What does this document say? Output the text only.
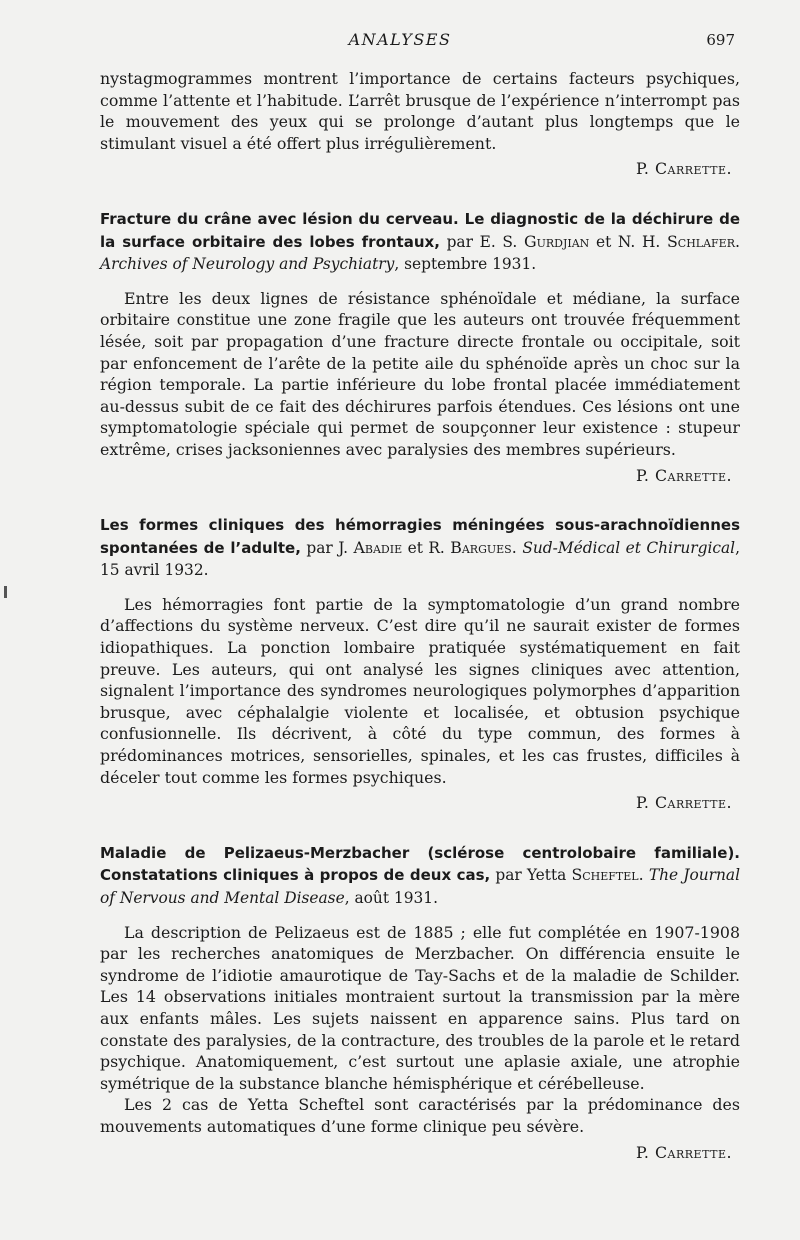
ANALYSES	697

nystagmogrammes montrent l’importance de certains facteurs psychiques, comme l’attente et l’habitude. L’arrêt brusque de l’expérience n’interrompt pas le mouvement des yeux qui se prolonge d’autant plus longtemps que le stimulant visuel a été offert plus irrégulièrement.

P. Carrette.

Fracture du crâne avec lésion du cerveau. Le diagnostic de la déchirure de la surface orbitaire des lobes frontaux, par E. S. Gurdjian et N. H. Schlafer. Archives of Neurology and Psychiatry, septembre 1931.

Entre les deux lignes de résistance sphénoïdale et médiane, la surface orbitaire constitue une zone fragile que les auteurs ont trouvée fréquemment lésée, soit par propagation d’une fracture directe frontale ou occipitale, soit par enfoncement de l’arête de la petite aile du sphénoïde après un choc sur la région temporale. La partie inférieure du lobe frontal placée immédiatement au-dessus subit de ce fait des déchirures parfois étendues. Ces lésions ont une symptomatologie spéciale qui permet de soupçonner leur existence : stupeur extrême, crises jacksoniennes avec paralysies des membres supérieurs.

P. Carrette.

Les formes cliniques des hémorragies méningées sous-arachnoïdiennes spontanées de l’adulte, par J. Abadie et R. Bargues. Sud-Médical et Chirurgical, 15 avril 1932.

Les hémorragies font partie de la symptomatologie d’un grand nombre d’affections du système nerveux. C’est dire qu’il ne saurait exister de formes idiopathiques. La ponction lombaire pratiquée systématiquement en fait preuve. Les auteurs, qui ont analysé les signes cliniques avec attention, signalent l’importance des syndromes neurologiques polymorphes d’apparition brusque, avec céphalalgie violente et localisée, et obtusion psychique confusionnelle. Ils décrivent, à côté du type commun, des formes à prédominances motrices, sensorielles, spinales, et les cas frustes, difficiles à déceler tout comme les formes psychiques.

P. Carrette.

Maladie de Pelizaeus-Merzbacher (sclérose centrolobaire familiale). Constatations cliniques à propos de deux cas, par Yetta Scheftel. The Journal of Nervous and Mental Disease, août 1931.

La description de Pelizaeus est de 1885 ; elle fut complétée en 1907-1908 par les recherches anatomiques de Merzbacher. On différencia ensuite le syndrome de l’idiotie amaurotique de Tay-Sachs et de la maladie de Schilder. Les 14 observations initiales montraient surtout la transmission par la mère aux enfants mâles. Les sujets naissent en apparence sains. Plus tard on constate des paralysies, de la contracture, des troubles de la parole et le retard psychique. Anatomiquement, c’est surtout une aplasie axiale, une atrophie symétrique de la substance blanche hémisphérique et cérébelleuse.

Les 2 cas de Yetta Scheftel sont caractérisés par la prédominance des mouvements automatiques d’une forme clinique peu sévère.

P. Carrette.
